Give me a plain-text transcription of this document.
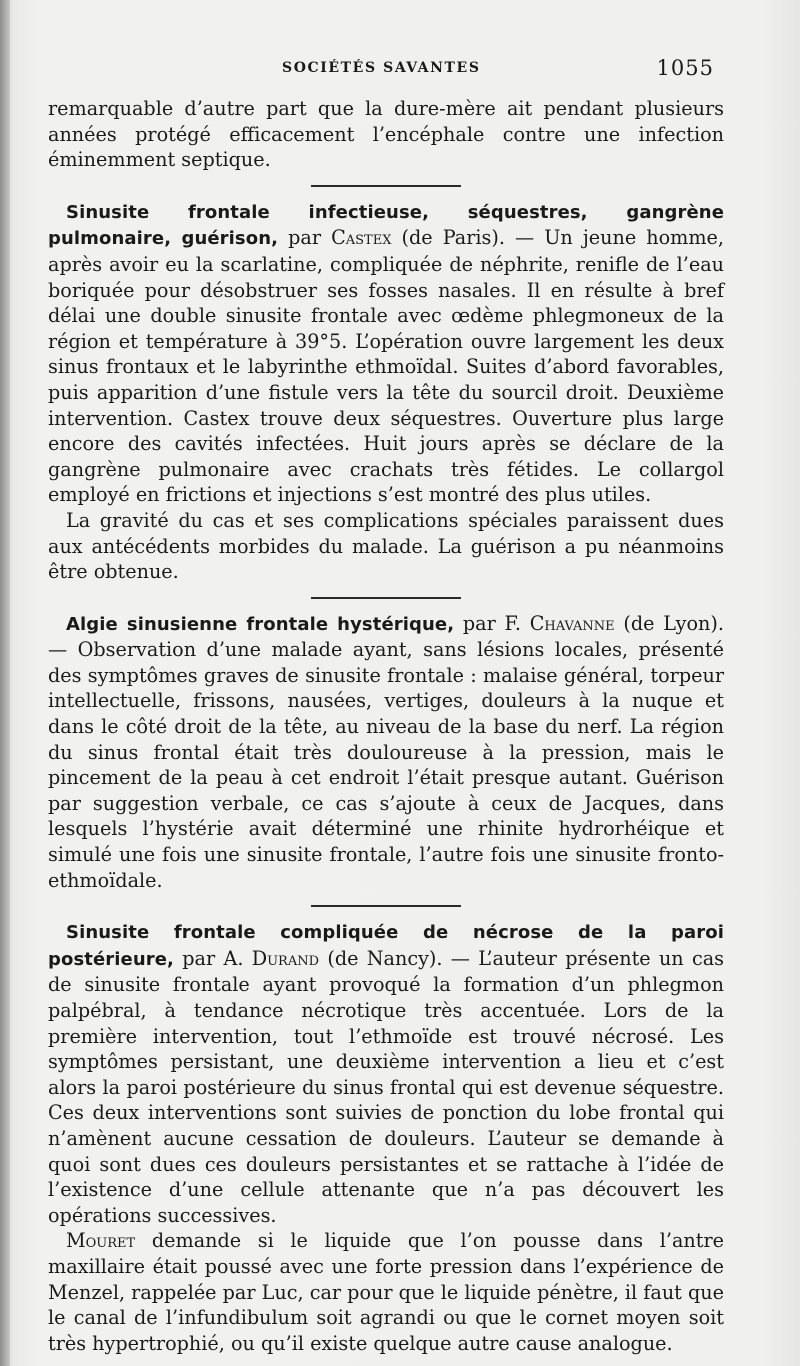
SOCIÉTÉS SAVANTES	1055

remarquable d’autre part que la dure-mère ait pendant plusieurs années protégé efficacement l’encéphale contre une infection éminemment septique.

Sinusite frontale infectieuse, séquestres, gangrène pulmonaire, guérison, par Castex (de Paris). — Un jeune homme, après avoir eu la scarlatine, compliquée de néphrite, renifle de l’eau boriquée pour désobstruer ses fosses nasales. Il en résulte à bref délai une double sinusite frontale avec œdème phlegmoneux de la région et température à 39°5. L’opération ouvre largement les deux sinus frontaux et le labyrinthe ethmoïdal. Suites d’abord favorables, puis apparition d’une fistule vers la tête du sourcil droit. Deuxième intervention. Castex trouve deux séquestres. Ouverture plus large encore des cavités infectées. Huit jours après se déclare de la gangrène pulmonaire avec crachats très fétides. Le collargol employé en frictions et injections s’est montré des plus utiles.

La gravité du cas et ses complications spéciales paraissent dues aux antécédents morbides du malade. La guérison a pu néanmoins être obtenue.

Algie sinusienne frontale hystérique, par F. Chavanne (de Lyon). — Observation d’une malade ayant, sans lésions locales, présenté des symptômes graves de sinusite frontale : malaise général, torpeur intellectuelle, frissons, nausées, vertiges, douleurs à la nuque et dans le côté droit de la tête, au niveau de la base du nerf. La région du sinus frontal était très douloureuse à la pression, mais le pincement de la peau à cet endroit l’était presque autant. Guérison par suggestion verbale, ce cas s’ajoute à ceux de Jacques, dans lesquels l’hystérie avait déterminé une rhinite hydrorhéique et simulé une fois une sinusite frontale, l’autre fois une sinusite fronto-ethmoïdale.

Sinusite frontale compliquée de nécrose de la paroi postérieure, par A. Durand (de Nancy). — L’auteur présente un cas de sinusite frontale ayant provoqué la formation d’un phlegmon palpébral, à tendance nécrotique très accentuée. Lors de la première intervention, tout l’ethmoïde est trouvé nécrosé. Les symptômes persistant, une deuxième intervention a lieu et c’est alors la paroi postérieure du sinus frontal qui est devenue séquestre. Ces deux interventions sont suivies de ponction du lobe frontal qui n’amènent aucune cessation de douleurs. L’auteur se demande à quoi sont dues ces douleurs persistantes et se rattache à l’idée de l’existence d’une cellule attenante que n’a pas découvert les opérations successives.

Mouret demande si le liquide que l’on pousse dans l’antre maxillaire était poussé avec une forte pression dans l’expérience de Menzel, rappelée par Luc, car pour que le liquide pénètre, il faut que le canal de l’infundibulum soit agrandi ou que le cornet moyen soit très hypertrophié, ou qu’il existe quelque autre cause analogue.
